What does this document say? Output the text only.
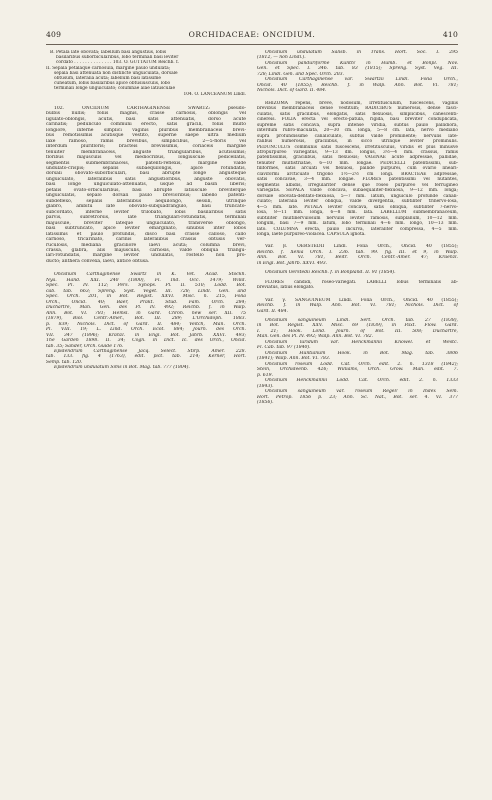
409	ORCHIDACEAE: ONCIDIUM.	410
B. Petala late obovata; labellum basi angustius, lobis
basilaribus suborbicularibus, lobo terminali basi leviter
cordato . . . . . . . . . . . . . . 103. O. GUTTATUM Reichb. f.
II. Sepala petalaque carnosula, margine paulo undulata;
sepala basi attenuata non distincte unguiculata, dorsale
obtusum, lateralia acuta; labellum basi latissime
cuneatum, lobis basilaribus apice obtusiusculis, lobo
terminali longe unguiculato; columnae alae latiusculae
104. O. LANCEANUM Lindl.
102. ONCIDIUM CARTHAGINENSE SWARTZ: pseudo-
bulbis nullis; foliis magnis, crasse carnosis, oblongis vel
ligulato-oblongis, acutis, basi satis attenuatis, dorso acute
carinatis; pedunculo communi erecto, satis gracili, foliis multo
longiore, inferne simplici vaginis pluribus membranaceis brevi-
bus remotissimis acutisque vestito, superne saepe ultra medium
laxe ramoso, ramis brevibus, simplicibus, 2—5-floris vel
interdum plurifloris; bracteis brevissimis, coriaceis margine
tenuiter membranaceis, anguste triangularibus, acutissimis;
floribus majusculis vel mediocribus, longiuscule pedicellatis,
segmentis submembranaceis, patenti-reflexis, margine valde
undulato-crispis; sepalis subaequilongis, apice rotundatis,
dorsali obovato-suborbiculari, basi abrupte longe angusteque
unguiculato, lateralibus satis angustioribus, anguste obovatis,
basi longe unguiculato-attenuatis, usque ad basin liberis;
petalis ovato-orbicularibus, basi abrupte latiuscule breviterque
unguiculatis, sepalo dorsali paulo brevioribus; labello patenti-
subdeflexo, sepalis lateralibus aequilongo, sessili, utrinque
glabro, ambitu late obovato-subquadrangulo, basi truncato-
subcordato, inferne leviter trilobato, lobis basilaribus satis
parvis, subretrorsis, late triangulari-rotundatis, terminali
majuscule, breviter lateque unguiculato, transverse oblongo,
basi subtruncato, apice leviter emarginato, sinubus inter lobos
latissimis et paulo profundis, disco basi crasse calloso, callo
carnoso, tricarinato, carinis lateralibus crassis obtusis ver-
ruculosis, mediana graciliore laevi acuta; columna brevi,
crassa, glabra, alis majusculis, carnosis, valde obliqua triangu-
lari-rotundatis, margine leviter undulatis, rostello non pro-
ducto; anthera convexa, laevi, antice obtusa.
Oncidium Carthaginense Swartz in K. Vet. Acad. Stockh.
Nya. Hand. XXI. 240 (1800), Fl. Ind. Occ. 1479; Willd.
Spec. Pl. IV. 112; Pers. Synops. Pl. II. 510; Lodd. Bot.
cab. tab. 663; Spreng. Syst. Veget. III. 728; Lindl. Gen. and
Spec. Orch. 201, in Bot. Regist. XXVI. Misc. n. 215, Folia
Orch., Oncid. 40; Baer, Prakt. Stud. Fam. Orch. 284;
Duchartre, Man. Gén. des Pl. IV. 492; Reichb. f. in Walp.
Ann. Bot. VI. 781; Hemsl. in Gard. Chron. new ser. XII. 75
(1879), Biol. Centr.-Amer., Bot. III. 289; L'Orchidoph. 1883.
p. 839; Nichols. Dict. of Gard. II. 484; Veitch, Man. Orch.
Pl. VIII. 19; L. Lind. Orch. Ecot. 884; Journ. des Orch.
VII. 347 (1896); Kränzl. in Engl. Bot. Jahrb. XXVI. 493;
The Garden 1898. II. 34; Cogn. in Dict. Ic. des Orch., Oncid.
tab. 35; Sander, Orch. Guide 176.
Epidendrum Carthaginense Jacq. Select. Stirp. Amer. 228.
tab. 133. fig. 4 (1763), edit. pict. tab. 214; Kerner, Hort.
Semp. tab. 120.
Epidendrum undulatum Sims in Bot. Mag. tab. 777 (1804).
Oncidium undulatum Salisb. in Trans. Hort. Soc. I. 295
(1812, — non Lindl.).
Oncidium panduriforme Kunth! in Humb. et Bonpl. Nov.
Gen. et Spec. I. 346. tab. 83 (1815); Spreng. Syst. Veg. III.
728; Lindl. Gen. and Spec. Orch. 203.
Oncidium Carthaginense var. Swartzii Lindl. Folia Orch.,
Oncid. 40 (1855); Reichb. f. in Walp. Ann. Bot. VI. 781;
Nichols. Dict. of Gard. II. 484.
RHIZOMA repens, breve, nodosum, irretitusculum, fuscescens, vaginis
brevibus membranaceis dense vestitum; RADICIBUS numerosis, dense fasci-
culatis, satis gracilibus, elongatis, satis flexuosis, simplicibus, canescenti-
cinereis. FOLIA erecta vel erecto-patula, rigida, basi breviter conduplicata,
supreme satis concava, supra intense viridia, subtus paulo pallidiora,
interdum rubro-maculata, 20—30 cm. longa, 5—8 cm. lata, nervo mediano
supra profundissime canaliculato, subtus valde prominente; nervulis late-
ralibus numerosis, gracilibus, in sicco utrinque leviter prominulis.
PEDUNCULUS communis satis fuscescens, irretitusculus, viridis et plus minusve
atropurpureo variegatus, 9—13 dm. longus, 3½—4 mm. crassus, ramis
patentissimis, gracilibus, satis flexuosis; VAGINAE acute adpressae, pallidae,
tenuiter multistriatae, 6—10 mm. longae. PEDICELLI patentissimi, sub-
filiformes, satis arcuati vel flexuosi, pallide purpurei, cum ovario lineari-
claviformi arcticuato trigono 1½—2½ cm longi. BRACTEAE adpressae,
satis concavae, 3—4 mm. longae. FLORES patentissimi vel nutantes,
segmentis albidis, irregulariter dense que roseo purpureo vel ferrugineo
variegatis. SEPALA valde concava, subaequaliter-flexuosa, 9—12 mm. longa;
dorsale obovata-dentato-flexuosa, 5—7 mm. latum, unguiculo profunde canali-
culato; lateralia leviter obliqua, valde divergentia, subtiliter trinervo-losa,
4—5 mm. late. PETALA leviter concava, satis obliqua, subtiliter 7-nervo-
losa, 8—11 mm. longa, 6—8 mm. lata. LABELLUM submembranaceum,
subtiliter multinervulosum nervulis leviter ramosis, subplanum, 10—12 mm.
longum, basi 7—9 mm. latum, lobo terminali 4—6 mm. longo, 10—13 mm.
lato. COLUMNA erecta, paulo incurva, lateraliter compressa, 4—5 mm.
longa, laete purpureo-violacea. CAPSULA ignota.
Var. β. OERSTEDII Lindl. Folia Orch., Oncid. 40 (1855);
Reichb. f. Xenia Orch. I. 236. tab. 99. fig. III. et 9, in Walp.
Ann. Bot. VI. 781, Beitr. Orch. Centr.-Amer. 47; Kraenzl.
in Engl. Bot. Jahrb. XXVI. 493.
Oncidium Oerstedii Reichb. f. in Bonpland. II. 91 (1854).
FLORES candidi, roseo-variegati. LABELLI lobus terminalis ab-
breviatus, latius elongato.
Var. γ. SANGUINEUM Lindl. Folia Orch., Oncid. 40 (1855);
Reichb. f. in Walp. Ann. Bot. VI. 781; Nichols. Dict. of
Gard. II. 484.
Oncidium sanguineum Lindl. Sert. Orch. tab. 27 (1838),
in Bot. Regist. XXV. Misc. 69 (1839), in Paxt. Flow. Gard.
I. 21; Hook. Lond. Journ. of Bot. III. 508; Duchartre,
Man. Gén. des Pl. IV. 492; Walp. Ann. Bot. VI. 782.
Oncidium luridum var. Henckmannii Knowel. et Westc.
Fl. Cab. tab. 97 (1840).
Oncidium Huntianum Hook. in Bot. Mag. tab. 3806
(1841); Walp. Ann. Bot. VI. 783.
Oncidium roseum Lodd. Cat. Orch. edit. 2. n. 1318 (1842);
Stein, Orchideenb. 426; Williams, Orch. Grow. Man. edit. 7.
p. 619.
Oncidium Henckmannii Lodd. Cat. Orch. edit. 2. n. 1333
(1843).
Oncidium sanguineum var. roseum Regel! in Index Sem.
Hort. Petrop. 1856 p. 23; Ann. Sc. Nat., Bot. ser. 4. VI. 377
(1856).
